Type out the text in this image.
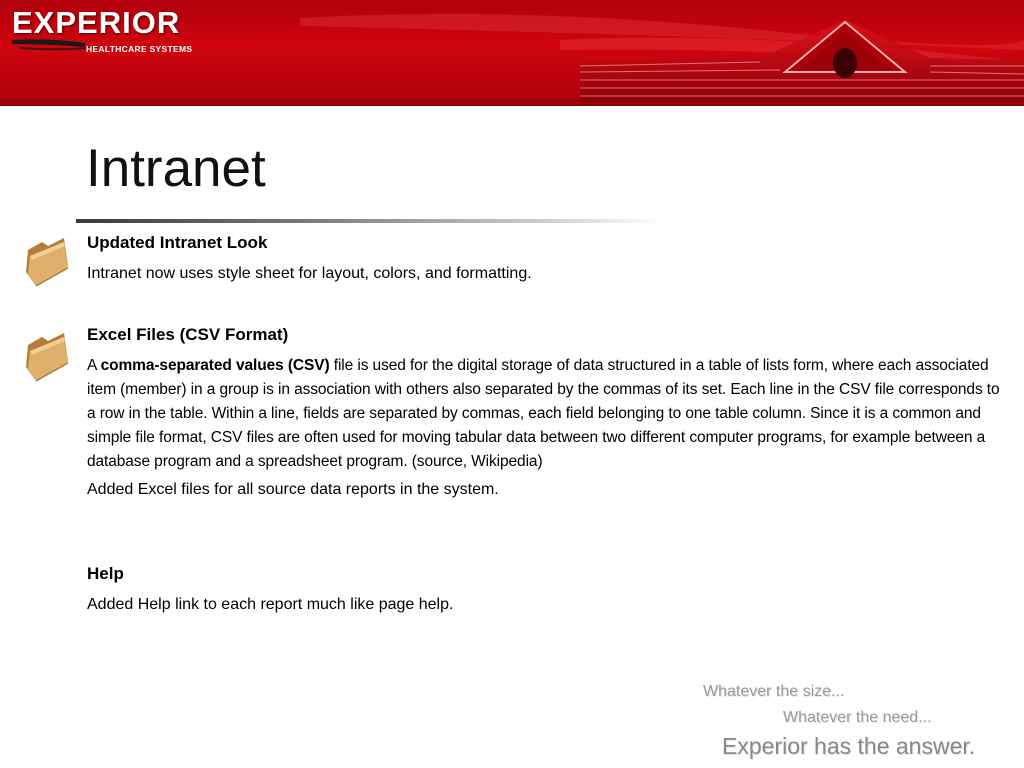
EXPERIOR
HEALTHCARE SYSTEMS
Intranet

Updated Intranet Look

Intranet now uses style sheet for layout, colors, and formatting.

Excel Files (CSV Format)

A comma-separated values (CSV) file is used for the digital storage of data structured in a table of lists form, where each associated item (member) in a group is in association with others also separated by the commas of its set. Each line in the CSV file corresponds to a row in the table. Within a line, fields are separated by commas, each field belonging to one table column. Since it is a common and simple file format, CSV files are often used for moving tabular data between two different computer programs, for example between a database program and a spreadsheet program. (source, Wikipedia)

Added Excel files for all source data reports in the system.

Help

Added Help link to each report much like page help.

Whatever the size...
Whatever the need...
Experior has the answer.
